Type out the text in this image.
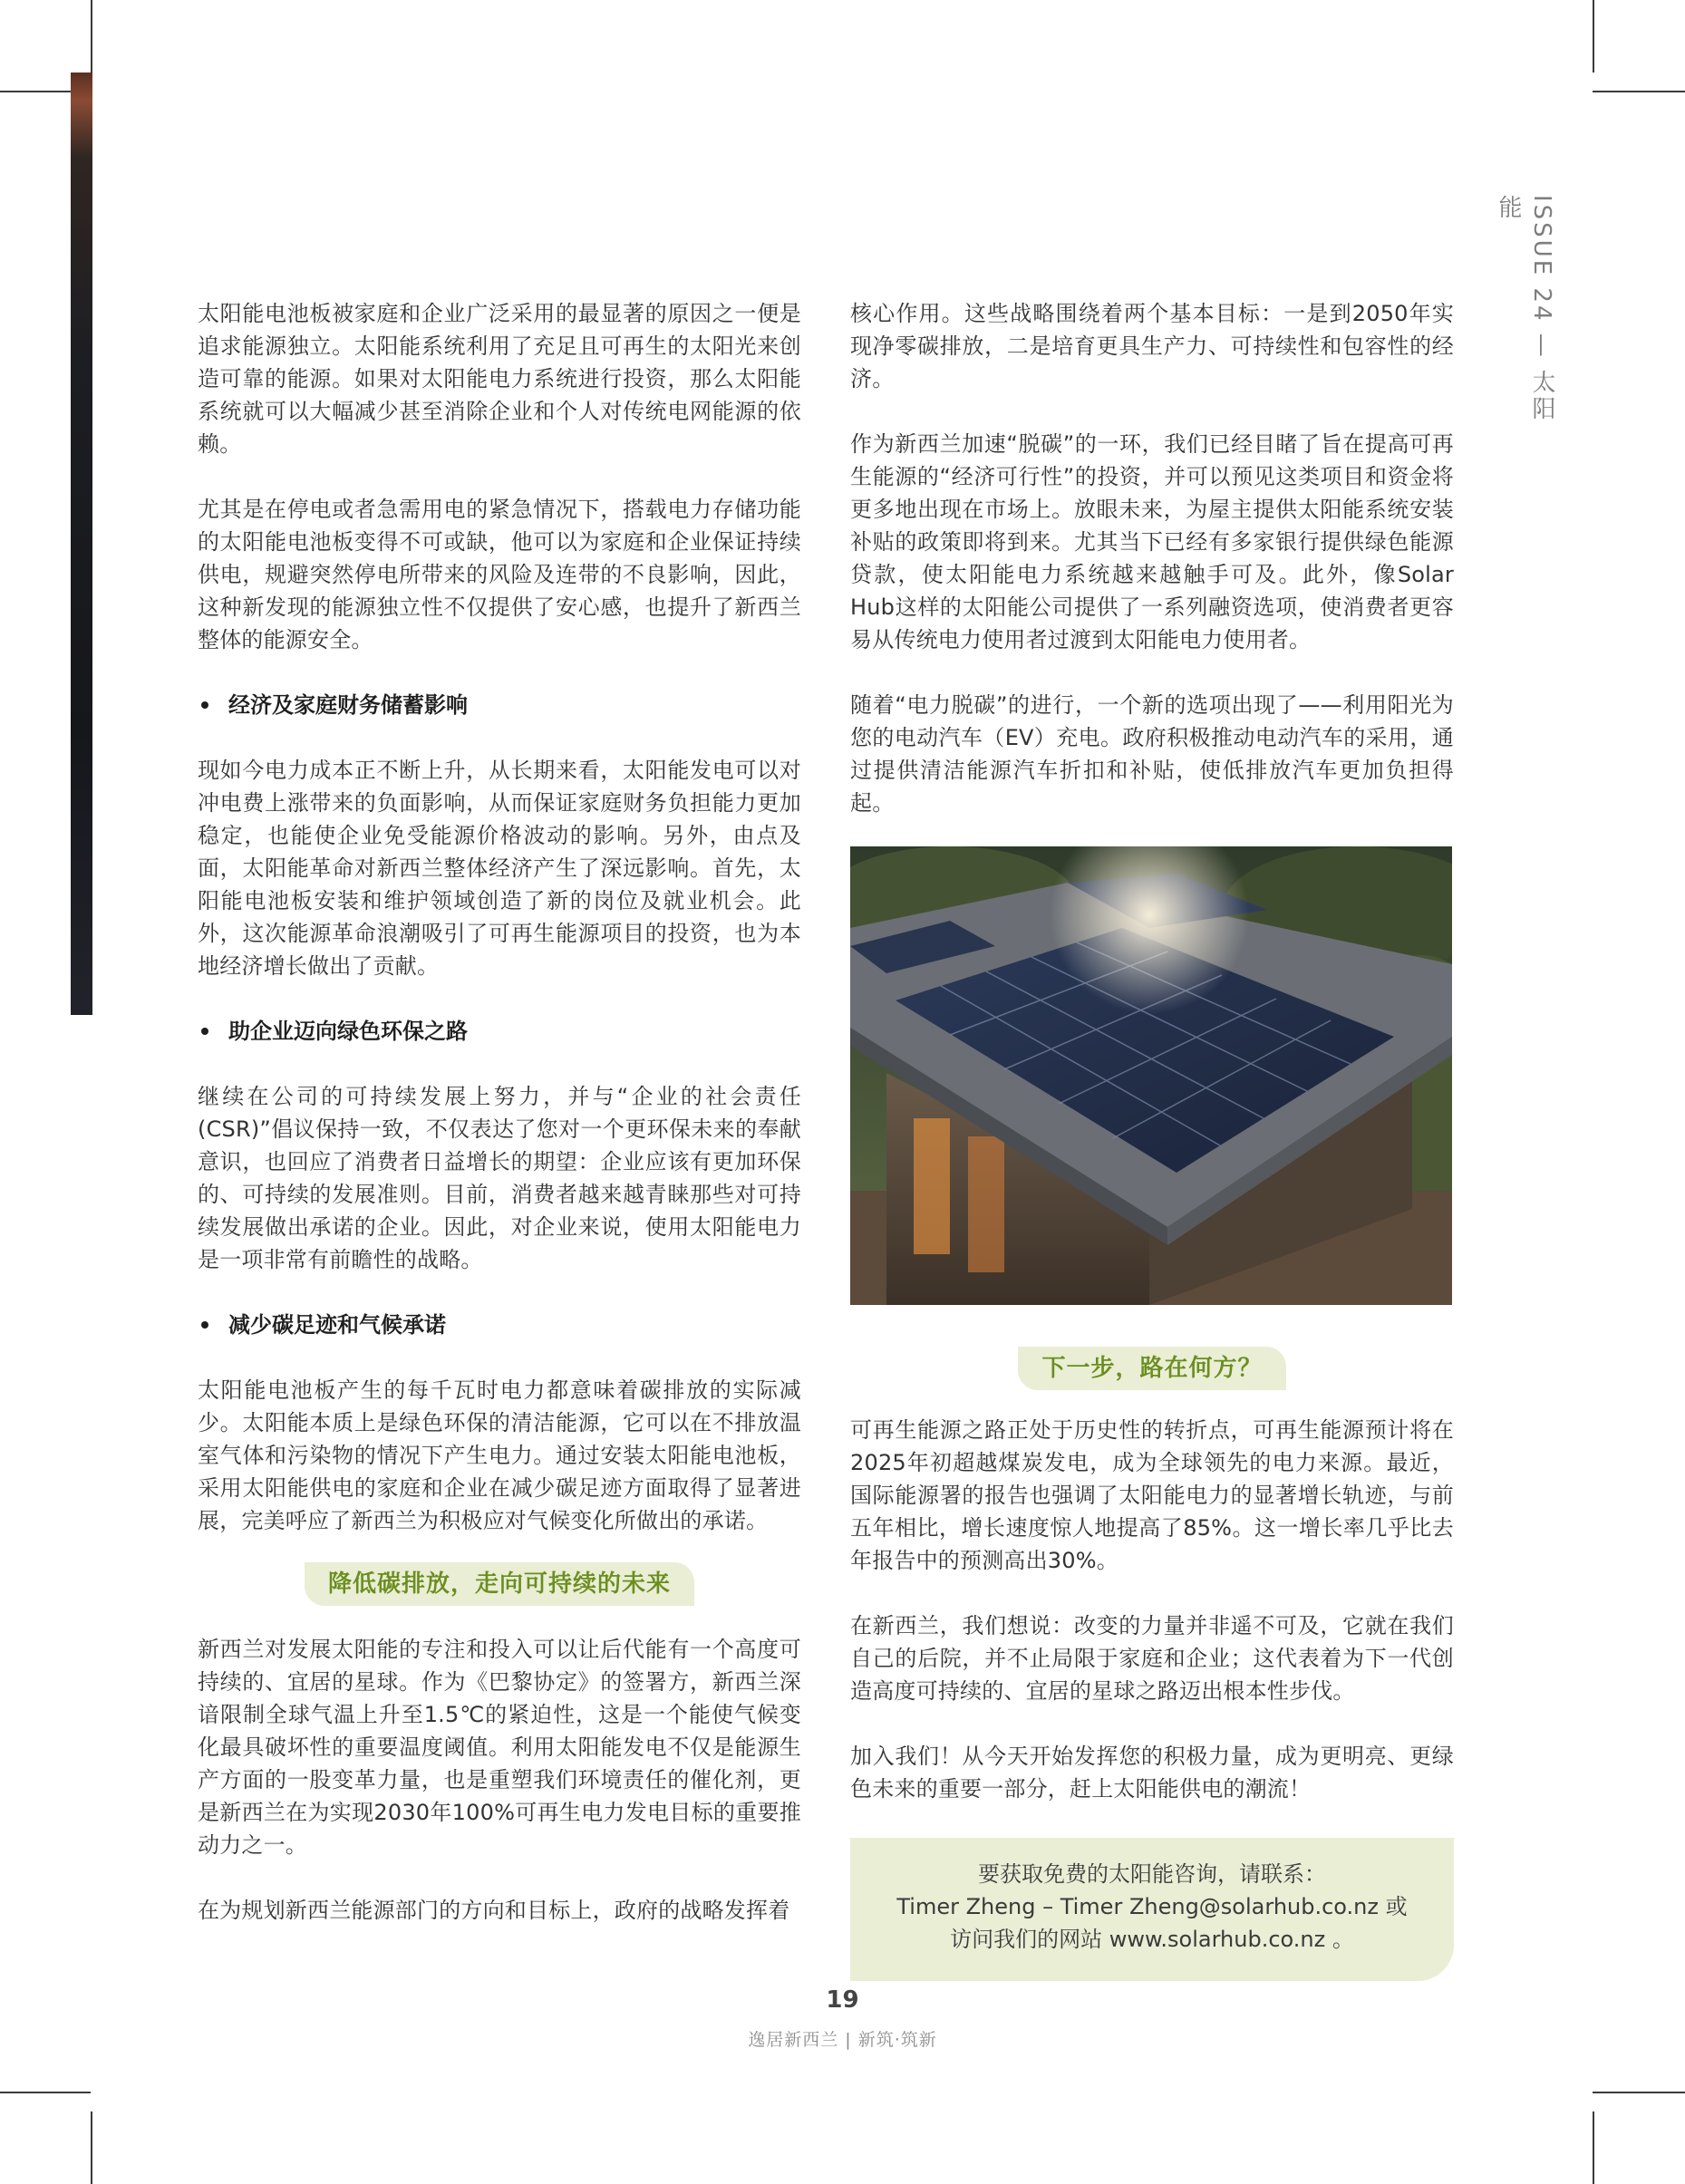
ISSUE 24 — 太阳能

太阳能电池板被家庭和企业广泛采用的最显著的原因之一便是追求能源独立。太阳能系统利用了充足且可再生的太阳光来创造可靠的能源。如果对太阳能电力系统进行投资，那么太阳能系统就可以大幅减少甚至消除企业和个人对传统电网能源的依赖。

尤其是在停电或者急需用电的紧急情况下，搭载电力存储功能的太阳能电池板变得不可或缺，他可以为家庭和企业保证持续供电，规避突然停电所带来的风险及连带的不良影响，因此，这种新发现的能源独立性不仅提供了安心感，也提升了新西兰整体的能源安全。

经济及家庭财务储蓄影响

现如今电力成本正不断上升，从长期来看，太阳能发电可以对冲电费上涨带来的负面影响，从而保证家庭财务负担能力更加稳定，也能使企业免受能源价格波动的影响。另外，由点及面，太阳能革命对新西兰整体经济产生了深远影响。首先，太阳能电池板安装和维护领域创造了新的岗位及就业机会。此外，这次能源革命浪潮吸引了可再生能源项目的投资，也为本地经济增长做出了贡献。

助企业迈向绿色环保之路

继续在公司的可持续发展上努力，并与“企业的社会责任(CSR)”倡议保持一致，不仅表达了您对一个更环保未来的奉献意识，也回应了消费者日益增长的期望：企业应该有更加环保的、可持续的发展准则。目前，消费者越来越青睐那些对可持续发展做出承诺的企业。因此，对企业来说，使用太阳能电力是一项非常有前瞻性的战略。

减少碳足迹和气候承诺

太阳能电池板产生的每千瓦时电力都意味着碳排放的实际减少。太阳能本质上是绿色环保的清洁能源，它可以在不排放温室气体和污染物的情况下产生电力。通过安装太阳能电池板，采用太阳能供电的家庭和企业在减少碳足迹方面取得了显著进展，完美呼应了新西兰为积极应对气候变化所做出的承诺。

降低碳排放，走向可持续的未来

新西兰对发展太阳能的专注和投入可以让后代能有一个高度可持续的、宜居的星球。作为《巴黎协定》的签署方，新西兰深谙限制全球气温上升至1.5℃的紧迫性，这是一个能使气候变化最具破坏性的重要温度阈值。利用太阳能发电不仅是能源生产方面的一股变革力量，也是重塑我们环境责任的催化剂，更是新西兰在为实现2030年100%可再生电力发电目标的重要推动力之一。

在为规划新西兰能源部门的方向和目标上，政府的战略发挥着

核心作用。这些战略围绕着两个基本目标：一是到2050年实现净零碳排放，二是培育更具生产力、可持续性和包容性的经济。

作为新西兰加速“脱碳”的一环，我们已经目睹了旨在提高可再生能源的“经济可行性”的投资，并可以预见这类项目和资金将更多地出现在市场上。放眼未来，为屋主提供太阳能系统安装补贴的政策即将到来。尤其当下已经有多家银行提供绿色能源贷款，使太阳能电力系统越来越触手可及。此外，像Solar Hub这样的太阳能公司提供了一系列融资选项，使消费者更容易从传统电力使用者过渡到太阳能电力使用者。

随着“电力脱碳”的进行，一个新的选项出现了——利用阳光为您的电动汽车（EV）充电。政府积极推动电动汽车的采用，通过提供清洁能源汽车折扣和补贴，使低排放汽车更加负担得起。

下一步，路在何方？

可再生能源之路正处于历史性的转折点，可再生能源预计将在2025年初超越煤炭发电，成为全球领先的电力来源。最近，国际能源署的报告也强调了太阳能电力的显著增长轨迹，与前五年相比，增长速度惊人地提高了85%。这一增长率几乎比去年报告中的预测高出30%。

在新西兰，我们想说：改变的力量并非遥不可及，它就在我们自己的后院，并不止局限于家庭和企业；这代表着为下一代创造高度可持续的、宜居的星球之路迈出根本性步伐。

加入我们！从今天开始发挥您的积极力量，成为更明亮、更绿色未来的重要一部分，赶上太阳能供电的潮流！

要获取免费的太阳能咨询，请联系：
Timer Zheng – Timer Zheng@solarhub.co.nz 或
访问我们的网站 www.solarhub.co.nz 。
19
逸居新西兰 | 新筑·筑新
